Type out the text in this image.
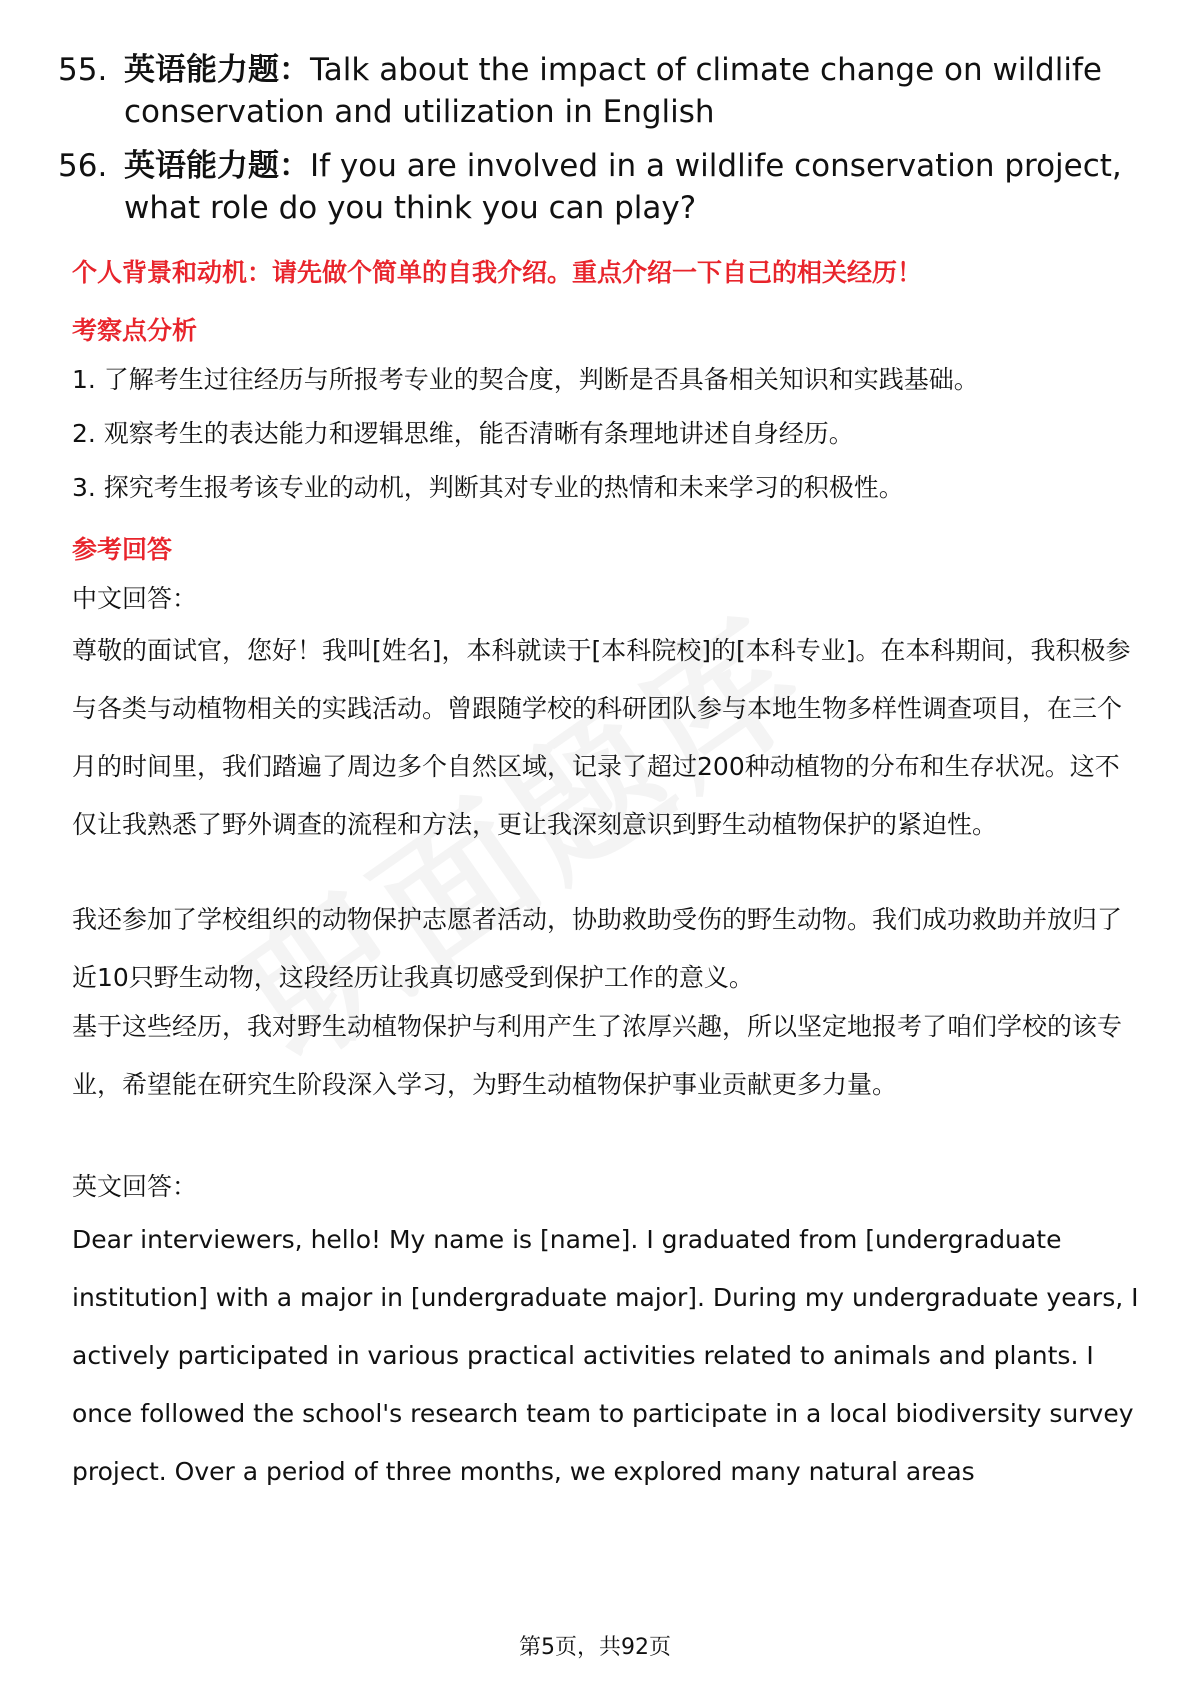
55. 英语能力题：Talk about the impact of climate change on wildlife conservation and utilization in English
56. 英语能力题：If you are involved in a wildlife conservation project, what role do you think you can play?
个人背景和动机：请先做个简单的自我介绍。重点介绍一下自己的相关经历！
考察点分析
1. 了解考生过往经历与所报考专业的契合度，判断是否具备相关知识和实践基础。
2. 观察考生的表达能力和逻辑思维，能否清晰有条理地讲述自身经历。
3. 探究考生报考该专业的动机，判断其对专业的热情和未来学习的积极性。
参考回答
中文回答：
尊敬的面试官，您好！我叫[姓名]，本科就读于[本科院校]的[本科专业]。在本科期间，我积极参与各类与动植物相关的实践活动。曾跟随学校的科研团队参与本地生物多样性调查项目，在三个月的时间里，我们踏遍了周边多个自然区域，记录了超过200种动植物的分布和生存状况。这不仅让我熟悉了野外调查的流程和方法，更让我深刻意识到野生动植物保护的紧迫性。
我还参加了学校组织的动物保护志愿者活动，协助救助受伤的野生动物。我们成功救助并放归了近10只野生动物，这段经历让我真切感受到保护工作的意义。
基于这些经历，我对野生动植物保护与利用产生了浓厚兴趣，所以坚定地报考了咱们学校的该专业，希望能在研究生阶段深入学习，为野生动植物保护事业贡献更多力量。
英文回答：
Dear interviewers, hello! My name is [name]. I graduated from [undergraduate institution] with a major in [undergraduate major]. During my undergraduate years, I actively participated in various practical activities related to animals and plants. I once followed the school's research team to participate in a local biodiversity survey project. Over a period of three months, we explored many natural areas
第5页，共92页
